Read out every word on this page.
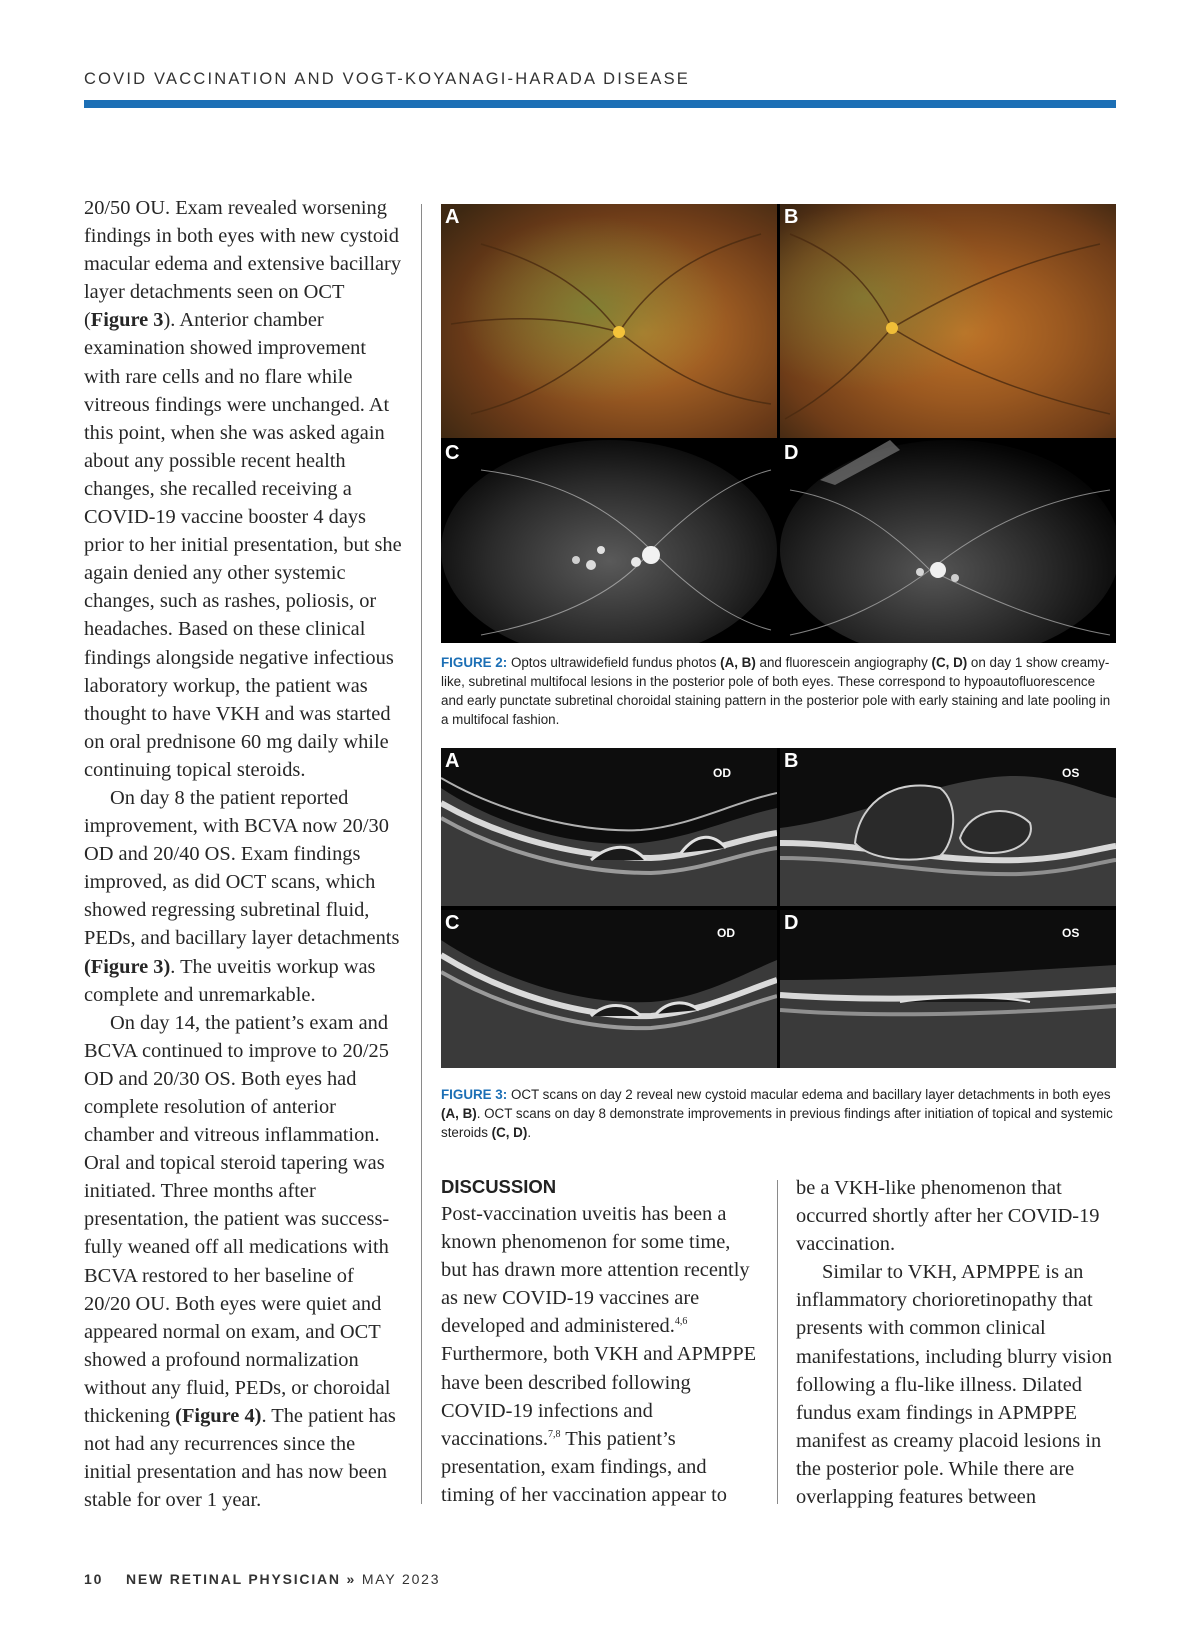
COVID VACCINATION AND VOGT-KOYANAGI-HARADA DISEASE

20/50 OU. Exam revealed worsening findings in both eyes with new cystoid macular edema and extensive bacillary layer detachments seen on OCT (Figure 3). Anterior chamber examination showed improvement with rare cells and no flare while vitreous findings were unchanged. At this point, when she was asked again about any possible recent health changes, she recalled receiving a COVID-19 vaccine booster 4 days prior to her initial presentation, but she again denied any other systemic changes, such as rashes, poliosis, or headaches. Based on these clinical findings alongside negative infectious laboratory workup, the patient was thought to have VKH and was started on oral prednisone 60 mg daily while continuing topical steroids.

On day 8 the patient reported improvement, with BCVA now 20/30 OD and 20/40 OS. Exam findings improved, as did OCT scans, which showed regressing subretinal fluid, PEDs, and bacillary layer detachments (Figure 3). The uveitis workup was complete and unremarkable.

On day 14, the patient’s exam and BCVA continued to improve to 20/25 OD and 20/30 OS. Both eyes had complete resolution of anterior chamber and vitreous inflammation. Oral and topical steroid tapering was initiated. Three months after presentation, the patient was success-fully weaned off all medications with BCVA restored to her baseline of 20/20 OU. Both eyes were quiet and appeared normal on exam, and OCT showed a profound normalization without any fluid, PEDs, or choroidal thickening (Figure 4). The patient has not had any recurrences since the initial presentation and has now been stable for over 1 year.

A	B
C	D
FIGURE 2: Optos ultrawidefield fundus photos (A, B) and fluorescein angiography (C, D) on day 1 show creamy-like, subretinal multifocal lesions in the posterior pole of both eyes. These correspond to hypoautofluorescence and early punctate subretinal choroidal staining pattern in the posterior pole with early staining and late pooling in a multifocal fashion.
A
OD
B
OS
C	OD D	OS
FIGURE 3: OCT scans on day 2 reveal new cystoid macular edema and bacillary layer detachments in both eyes (A, B). OCT scans on day 8 demonstrate improvements in previous findings after initiation of topical and systemic steroids (C, D).
DISCUSSION

Post-vaccination uveitis has been a known phenomenon for some time, but has drawn more attention recently as new COVID-19 vaccines are developed and administered.$^{4,6}$ Furthermore, both VKH and APMPPE have been described following COVID-19 infections and vaccinations.$^{7,8}$ This patient’s presentation, exam findings, and timing of her vaccination appear to

be a VKH-like phenomenon that occurred shortly after her COVID-19 vaccination.

Similar to VKH, APMPPE is an inflammatory chorioretinopathy that presents with common clinical manifestations, including blurry vision following a flu-like illness. Dilated fundus exam findings in APMPPE manifest as creamy placoid lesions in the posterior pole. While there are overlapping features between

10 NEW RETINAL PHYSICIAN » MAY 2023
